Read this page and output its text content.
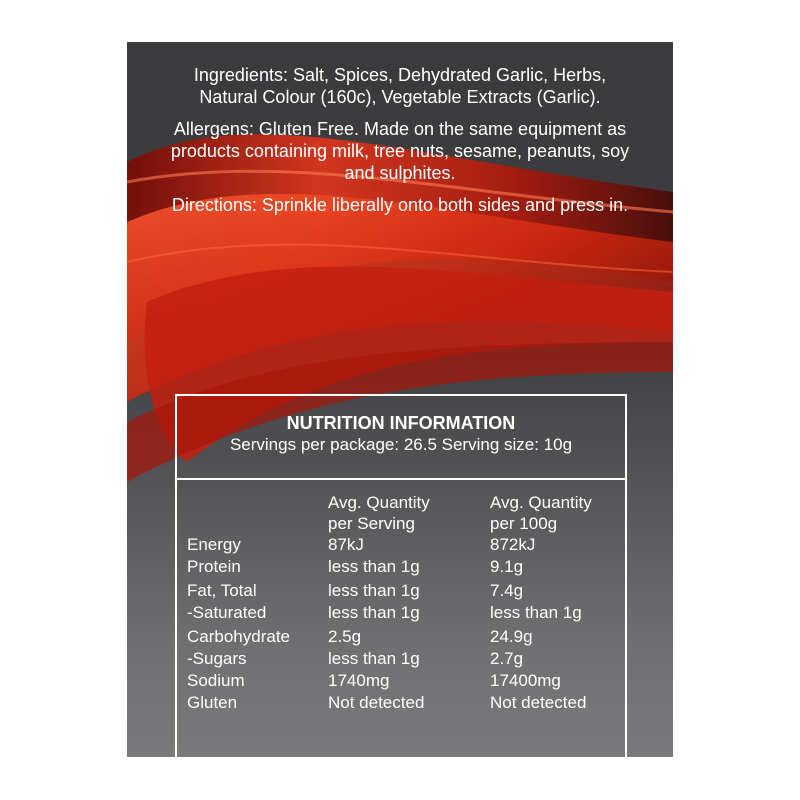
Ingredients: Salt, Spices, Dehydrated Garlic, Herbs, Natural Colour (160c), Vegetable Extracts (Garlic).

Allergens: Gluten Free. Made on the same equipment as products containing milk, tree nuts, sesame, peanuts, soy and sulphites.

Directions: Sprinkle liberally onto both sides and press in.

NUTRITION INFORMATION
Servings per package: 26.5 Serving size: 10g
Avg. Quantity
per Serving
Avg. Quantity
per 100g
Energy	87kJ	872kJ
Protein	less than 1g	9.1g
Fat, Total	less than 1g	7.4g
-Saturated	less than 1g	less than 1g
Carbohydrate 2.5g	24.9g
-Sugars	less than 1g	2.7g
Sodium	1740mg	17400mg
Gluten	Not detected	Not detected
